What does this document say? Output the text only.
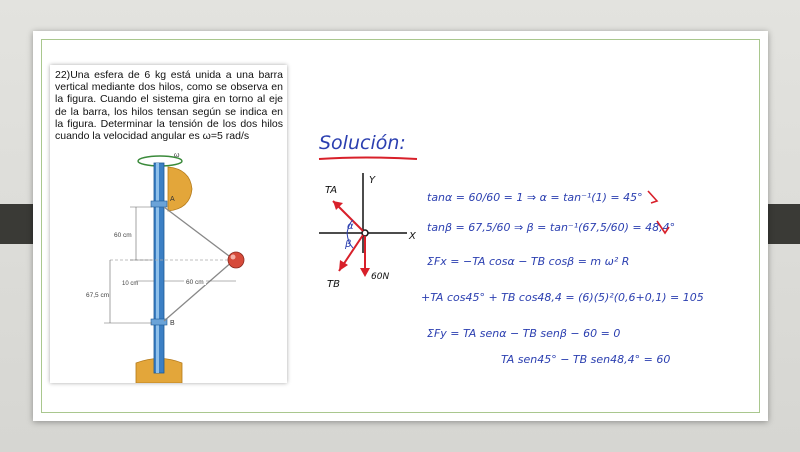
22)Una esfera de 6 kg está unida a una barra vertical mediante dos hilos, como se observa en la figura. Cuando el sistema gira en torno al eje de la barra, los hilos tensan según se indica en la figura. Determinar la tensión de los dos hilos cuando la velocidad angular es ω=5 rad/s
ω
A
B
60 cm
67,5 cm
10 cm	60 cm
Solución:
Y
X
TA
TB
60N
α
β
tanα = 60/60 = 1 ⇒ α = tan⁻¹(1) = 45°
tanβ = 67,5/60 ⇒ β = tan⁻¹(67,5/60) = 48,4°
ΣFx = −TA cosα − TB cosβ = m ω² R
+TA cos45° + TB cos48,4 = (6)(5)²(0,6+0,1) = 105
ΣFy = TA senα − TB senβ − 60 = 0
TA sen45° − TB sen48,4° = 60
